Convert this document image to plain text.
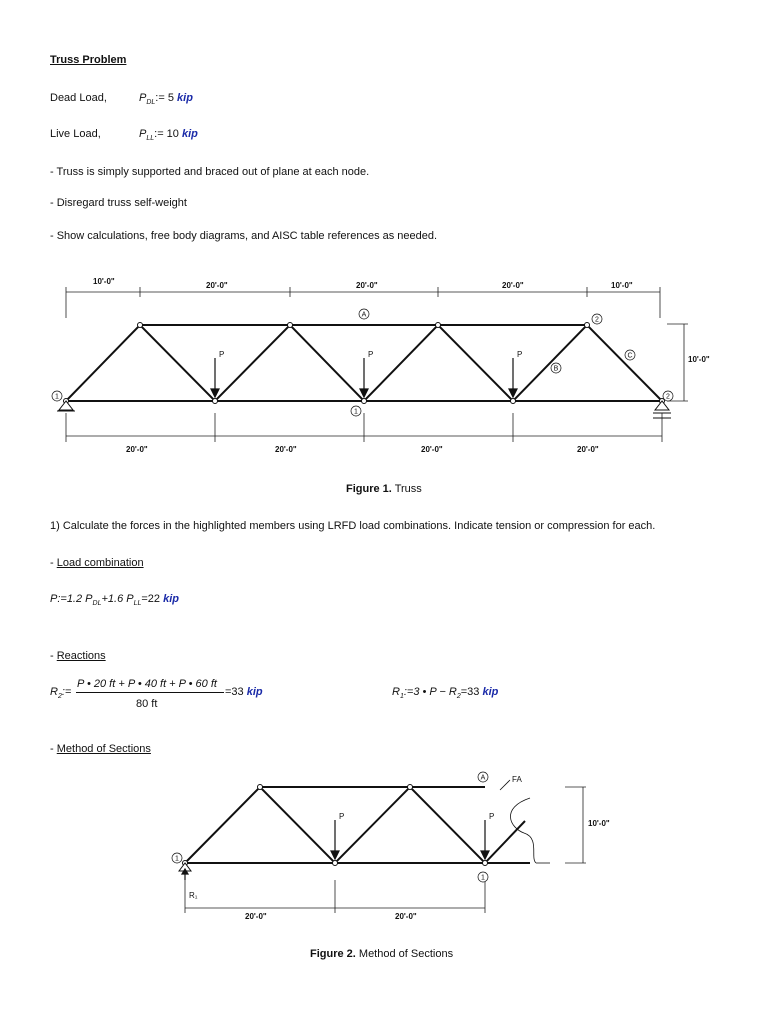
Truss Problem
Dead Load,	$P_{DL}:= 5$ kip
Live Load,	$P_{LL}:= 10$ kip
- Truss is simply supported and braced out of plane at each node.
- Disregard truss self-weight
- Show calculations, free body diagrams, and AISC table references as needed.
10'-0"	20'-0"	20'-0"	20'-0"	10'-0"
20'-0"	20'-0"	20'-0"	20'-0"
10'-0"
P	P	P
1	2
1
2
A
B
C
Figure 1. Truss
1) Calculate the forces in the highlighted members using LRFD load combinations. Indicate tension or compression for each.
- Load combination
P:=1.2 $P_{DL}+1.6$ $P_{LL}=22$ kip
- Reactions
$R_2:=$
P • 20 ft + P • 40 ft + P • 60 ft
80 ft
=33 kip	$R_1:=3$ • $P - R_2=33$ kip
- Method of Sections
1
1
A
20'-0"	20'-0"
10'-0"
P	P
R₁
FA
Figure 2. Method of Sections
